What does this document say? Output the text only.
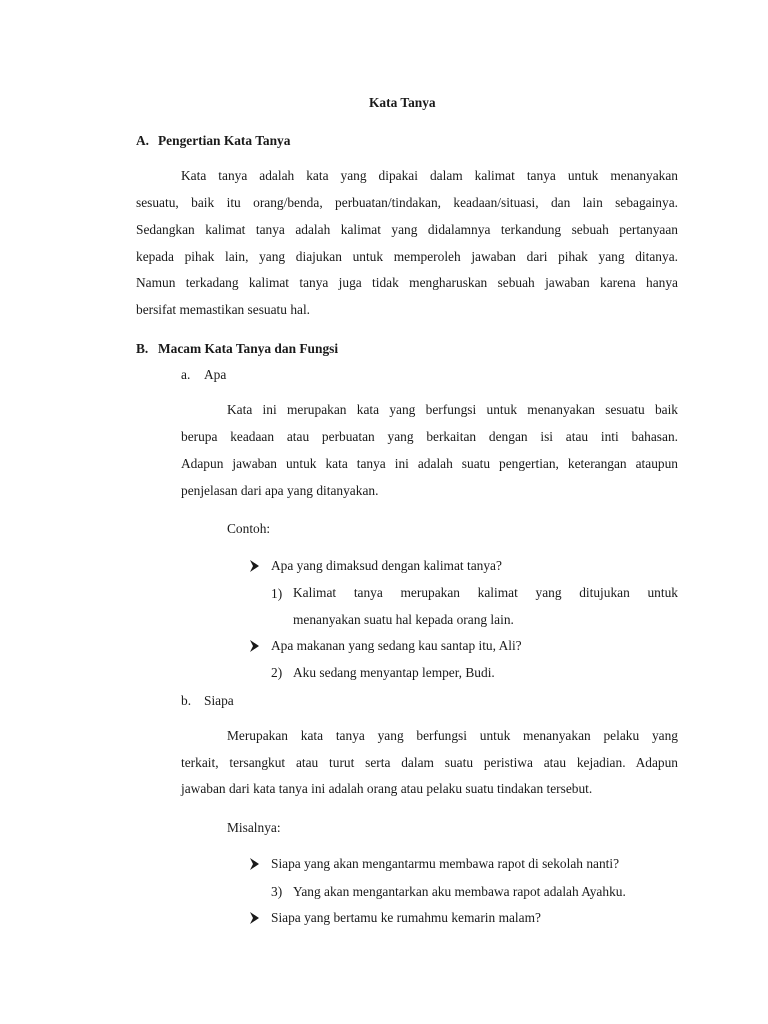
Kata Tanya
A. Pengertian Kata Tanya
Kata tanya adalah kata yang dipakai dalam kalimat tanya untuk menanyakan
sesuatu, baik itu orang/benda, perbuatan/tindakan, keadaan/situasi, dan lain sebagainya.
Sedangkan kalimat tanya adalah kalimat yang didalamnya terkandung sebuah pertanyaan
kepada pihak lain, yang diajukan untuk memperoleh jawaban dari pihak yang ditanya.
Namun terkadang kalimat tanya juga tidak mengharuskan sebuah jawaban karena hanya
bersifat memastikan sesuatu hal.
B. Macam Kata Tanya dan Fungsi
a. Apa
Kata ini merupakan kata yang berfungsi untuk menanyakan sesuatu baik
berupa keadaan atau perbuatan yang berkaitan dengan isi atau inti bahasan.
Adapun jawaban untuk kata tanya ini adalah suatu pengertian, keterangan ataupun
penjelasan dari apa yang ditanyakan.
Contoh:
Apa yang dimaksud dengan kalimat tanya?
1) Kalimat tanya merupakan kalimat yang ditujukan untuk
menanyakan suatu hal kepada orang lain.
Apa makanan yang sedang kau santap itu, Ali?
2) Aku sedang menyantap lemper, Budi.
b. Siapa
Merupakan kata tanya yang berfungsi untuk menanyakan pelaku yang
terkait, tersangkut atau turut serta dalam suatu peristiwa atau kejadian. Adapun
jawaban dari kata tanya ini adalah orang atau pelaku suatu tindakan tersebut.
Misalnya:
Siapa yang akan mengantarmu membawa rapot di sekolah nanti?
3) Yang akan mengantarkan aku membawa rapot adalah Ayahku.
Siapa yang bertamu ke rumahmu kemarin malam?
